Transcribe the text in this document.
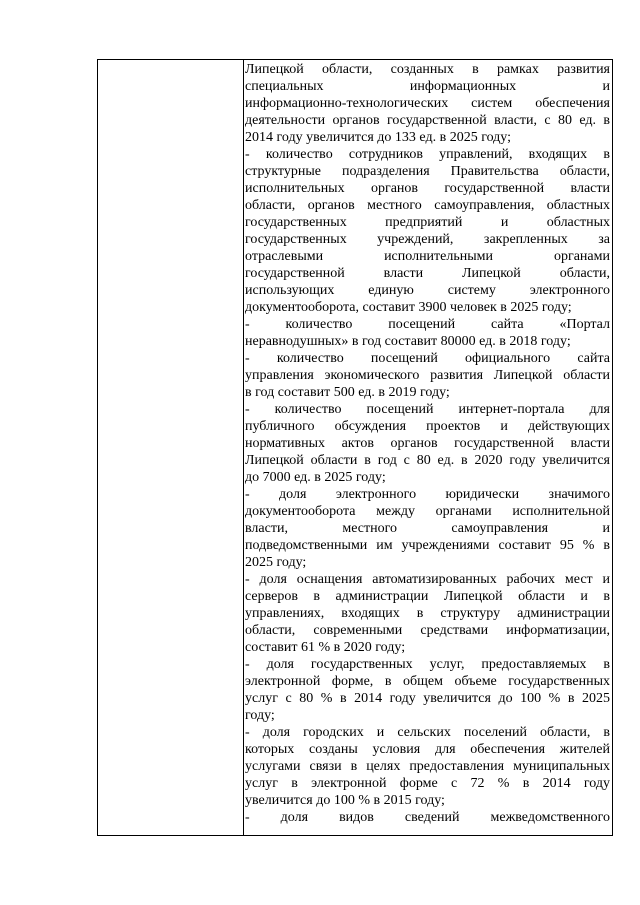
Липецкой области, созданных в рамках развития
специальных информационных и
информационно-технологических систем обеспечения
деятельности органов государственной власти, с 80 ед. в
2014 году увеличится до 133 ед. в 2025 году;
- количество сотрудников управлений, входящих в
структурные подразделения Правительства области,
исполнительных органов государственной власти
области, органов местного самоуправления, областных
государственных предприятий и областных
государственных учреждений, закрепленных за
отраслевыми исполнительными органами
государственной власти Липецкой области,
использующих единую систему электронного
документооборота, составит 3900 человек в 2025 году;
- количество посещений сайта «Портал
неравнодушных» в год составит 80000 ед. в 2018 году;
- количество посещений официального сайта
управления экономического развития Липецкой области
в год составит 500 ед. в 2019 году;
- количество посещений интернет-портала для
публичного обсуждения проектов и действующих
нормативных актов органов государственной власти
Липецкой области в год с 80 ед. в 2020 году увеличится
до 7000 ед. в 2025 году;
- доля электронного юридически значимого
документооборота между органами исполнительной
власти, местного самоуправления и
подведомственными им учреждениями составит 95 % в
2025 году;
- доля оснащения автоматизированных рабочих мест и
серверов в администрации Липецкой области и в
управлениях, входящих в структуру администрации
области, современными средствами информатизации,
составит 61 % в 2020 году;
- доля государственных услуг, предоставляемых в
электронной форме, в общем объеме государственных
услуг с 80 % в 2014 году увеличится до 100 % в 2025
году;
- доля городских и сельских поселений области, в
которых созданы условия для обеспечения жителей
услугами связи в целях предоставления муниципальных
услуг в электронной форме с 72 % в 2014 году
увеличится до 100 % в 2015 году;
- доля видов сведений межведомственного
